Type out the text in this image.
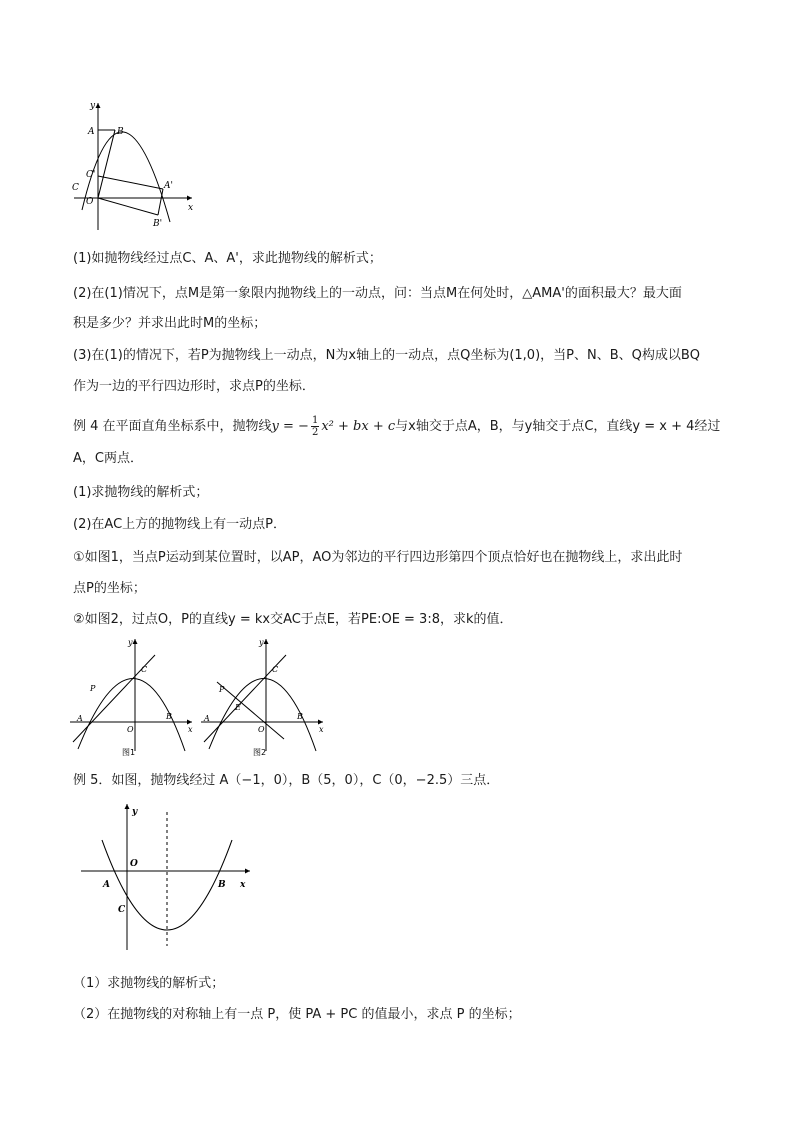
y
x
A	B
C'
C
O
A'
B'
(1)如抛物线经过点C、A、A'，求此抛物线的解析式；
(2)在(1)情况下，点M是第一象限内抛物线上的一动点，问：当点M在何处时，△AMA'的面积最大？最大面
积是多少？并求出此时M的坐标；
(3)在(1)的情况下，若P为抛物线上一动点，N为x轴上的一动点，点Q坐标为(1,0)，当P、N、B、Q构成以BQ
作为一边的平行四边形时，求点P的坐标．
例 4 在平面直角坐标系中，抛物线y = − $\frac{1}{2} x^2$ + bx + c与x轴交于点A，B，与y轴交于点C，直线y = x + 4经过
A，C两点．
(1)求抛物线的解析式；
(2)在AC上方的抛物线上有一动点P．
①如图1，当点P运动到某位置时，以AP，AO为邻边的平行四边形第四个顶点恰好也在抛物线上，求出此时
点P的坐标；
②如图2，过点O，P的直线y = kx交AC于点E，若PE:OE = 3:8，求k的值．
y
x
C
P
A
O
B
图1
y
x
C
P
E
A
O
B
图2
例 5．如图，抛物线经过 A（−1，0），B（5，0），C（0，−2.5）三点．
y
x
O
A	B
C
（1）求抛物线的解析式；
（2）在抛物线的对称轴上有一点 P，使 PA + PC 的值最小，求点 P 的坐标；
